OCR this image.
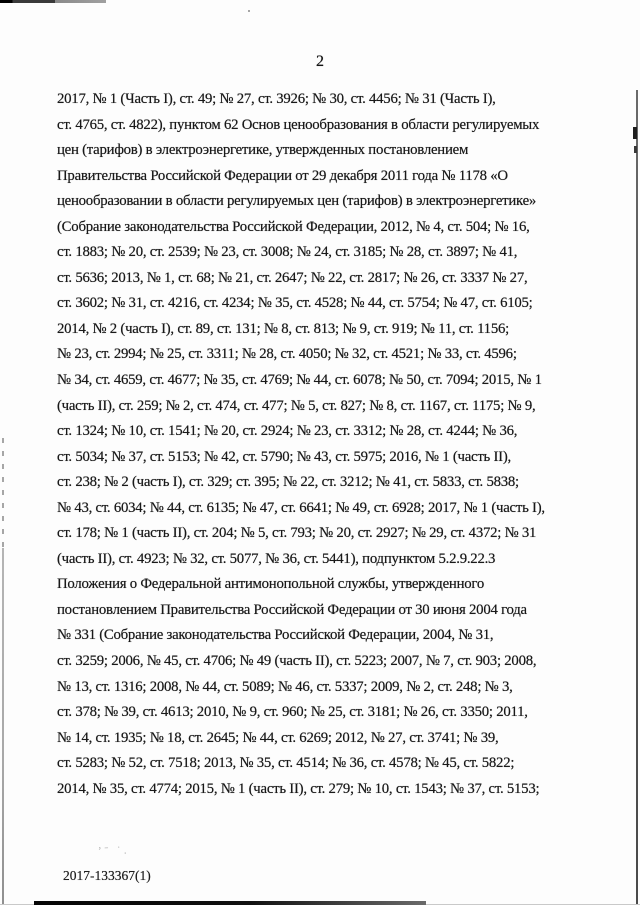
’ˉ ˙.
2
2017, № 1 (Часть I), ст. 49; № 27, ст. 3926; № 30, ст. 4456; № 31 (Часть I),
ст. 4765, ст. 4822), пунктом 62 Основ ценообразования в области регулируемых
цен (тарифов) в электроэнергетике, утвержденных постановлением
Правительства Российской Федерации от 29 декабря 2011 года № 1178 «О
ценообразовании в области регулируемых цен (тарифов) в электроэнергетике»
(Собрание законодательства Российской Федерации, 2012, № 4, ст. 504; № 16,
ст. 1883; № 20, ст. 2539; № 23, ст. 3008; № 24, ст. 3185; № 28, ст. 3897; № 41,
ст. 5636; 2013, № 1, ст. 68; № 21, ст. 2647; № 22, ст. 2817; № 26, ст. 3337 № 27,
ст. 3602; № 31, ст. 4216, ст. 4234; № 35, ст. 4528; № 44, ст. 5754; № 47, ст. 6105;
2014, № 2 (часть I), ст. 89, ст. 131; № 8, ст. 813; № 9, ст. 919; № 11, ст. 1156;
№ 23, ст. 2994; № 25, ст. 3311; № 28, ст. 4050; № 32, ст. 4521; № 33, ст. 4596;
№ 34, ст. 4659, ст. 4677; № 35, ст. 4769; № 44, ст. 6078; № 50, ст. 7094; 2015, № 1
(часть II), ст. 259; № 2, ст. 474, ст. 477; № 5, ст. 827; № 8, ст. 1167, ст. 1175; № 9,
ст. 1324; № 10, ст. 1541; № 20, ст. 2924; № 23, ст. 3312; № 28, ст. 4244; № 36,
ст. 5034; № 37, ст. 5153; № 42, ст. 5790; № 43, ст. 5975; 2016, № 1 (часть II),
ст. 238; № 2 (часть I), ст. 329; ст. 395; № 22, ст. 3212; № 41, ст. 5833, ст. 5838;
№ 43, ст. 6034; № 44, ст. 6135; № 47, ст. 6641; № 49, ст. 6928; 2017, № 1 (часть I),
ст. 178; № 1 (часть II), ст. 204; № 5, ст. 793; № 20, ст. 2927; № 29, ст. 4372; № 31
(часть II), ст. 4923; № 32, ст. 5077, № 36, ст. 5441), подпунктом 5.2.9.22.3
Положения о Федеральной антимонопольной службы, утвержденного
постановлением Правительства Российской Федерации от 30 июня 2004 года
№ 331 (Собрание законодательства Российской Федерации, 2004, № 31,
ст. 3259; 2006, № 45, ст. 4706; № 49 (часть II), ст. 5223; 2007, № 7, ст. 903; 2008,
№ 13, ст. 1316; 2008, № 44, ст. 5089; № 46, ст. 5337; 2009, № 2, ст. 248; № 3,
ст. 378; № 39, ст. 4613; 2010, № 9, ст. 960; № 25, ст. 3181; № 26, ст. 3350; 2011,
№ 14, ст. 1935; № 18, ст. 2645; № 44, ст. 6269; 2012, № 27, ст. 3741; № 39,
ст. 5283; № 52, ст. 7518; 2013, № 35, ст. 4514; № 36, ст. 4578; № 45, ст. 5822;
2014, № 35, ст. 4774; 2015, № 1 (часть II), ст. 279; № 10, ст. 1543; № 37, ст. 5153;
2017-133367(1)
